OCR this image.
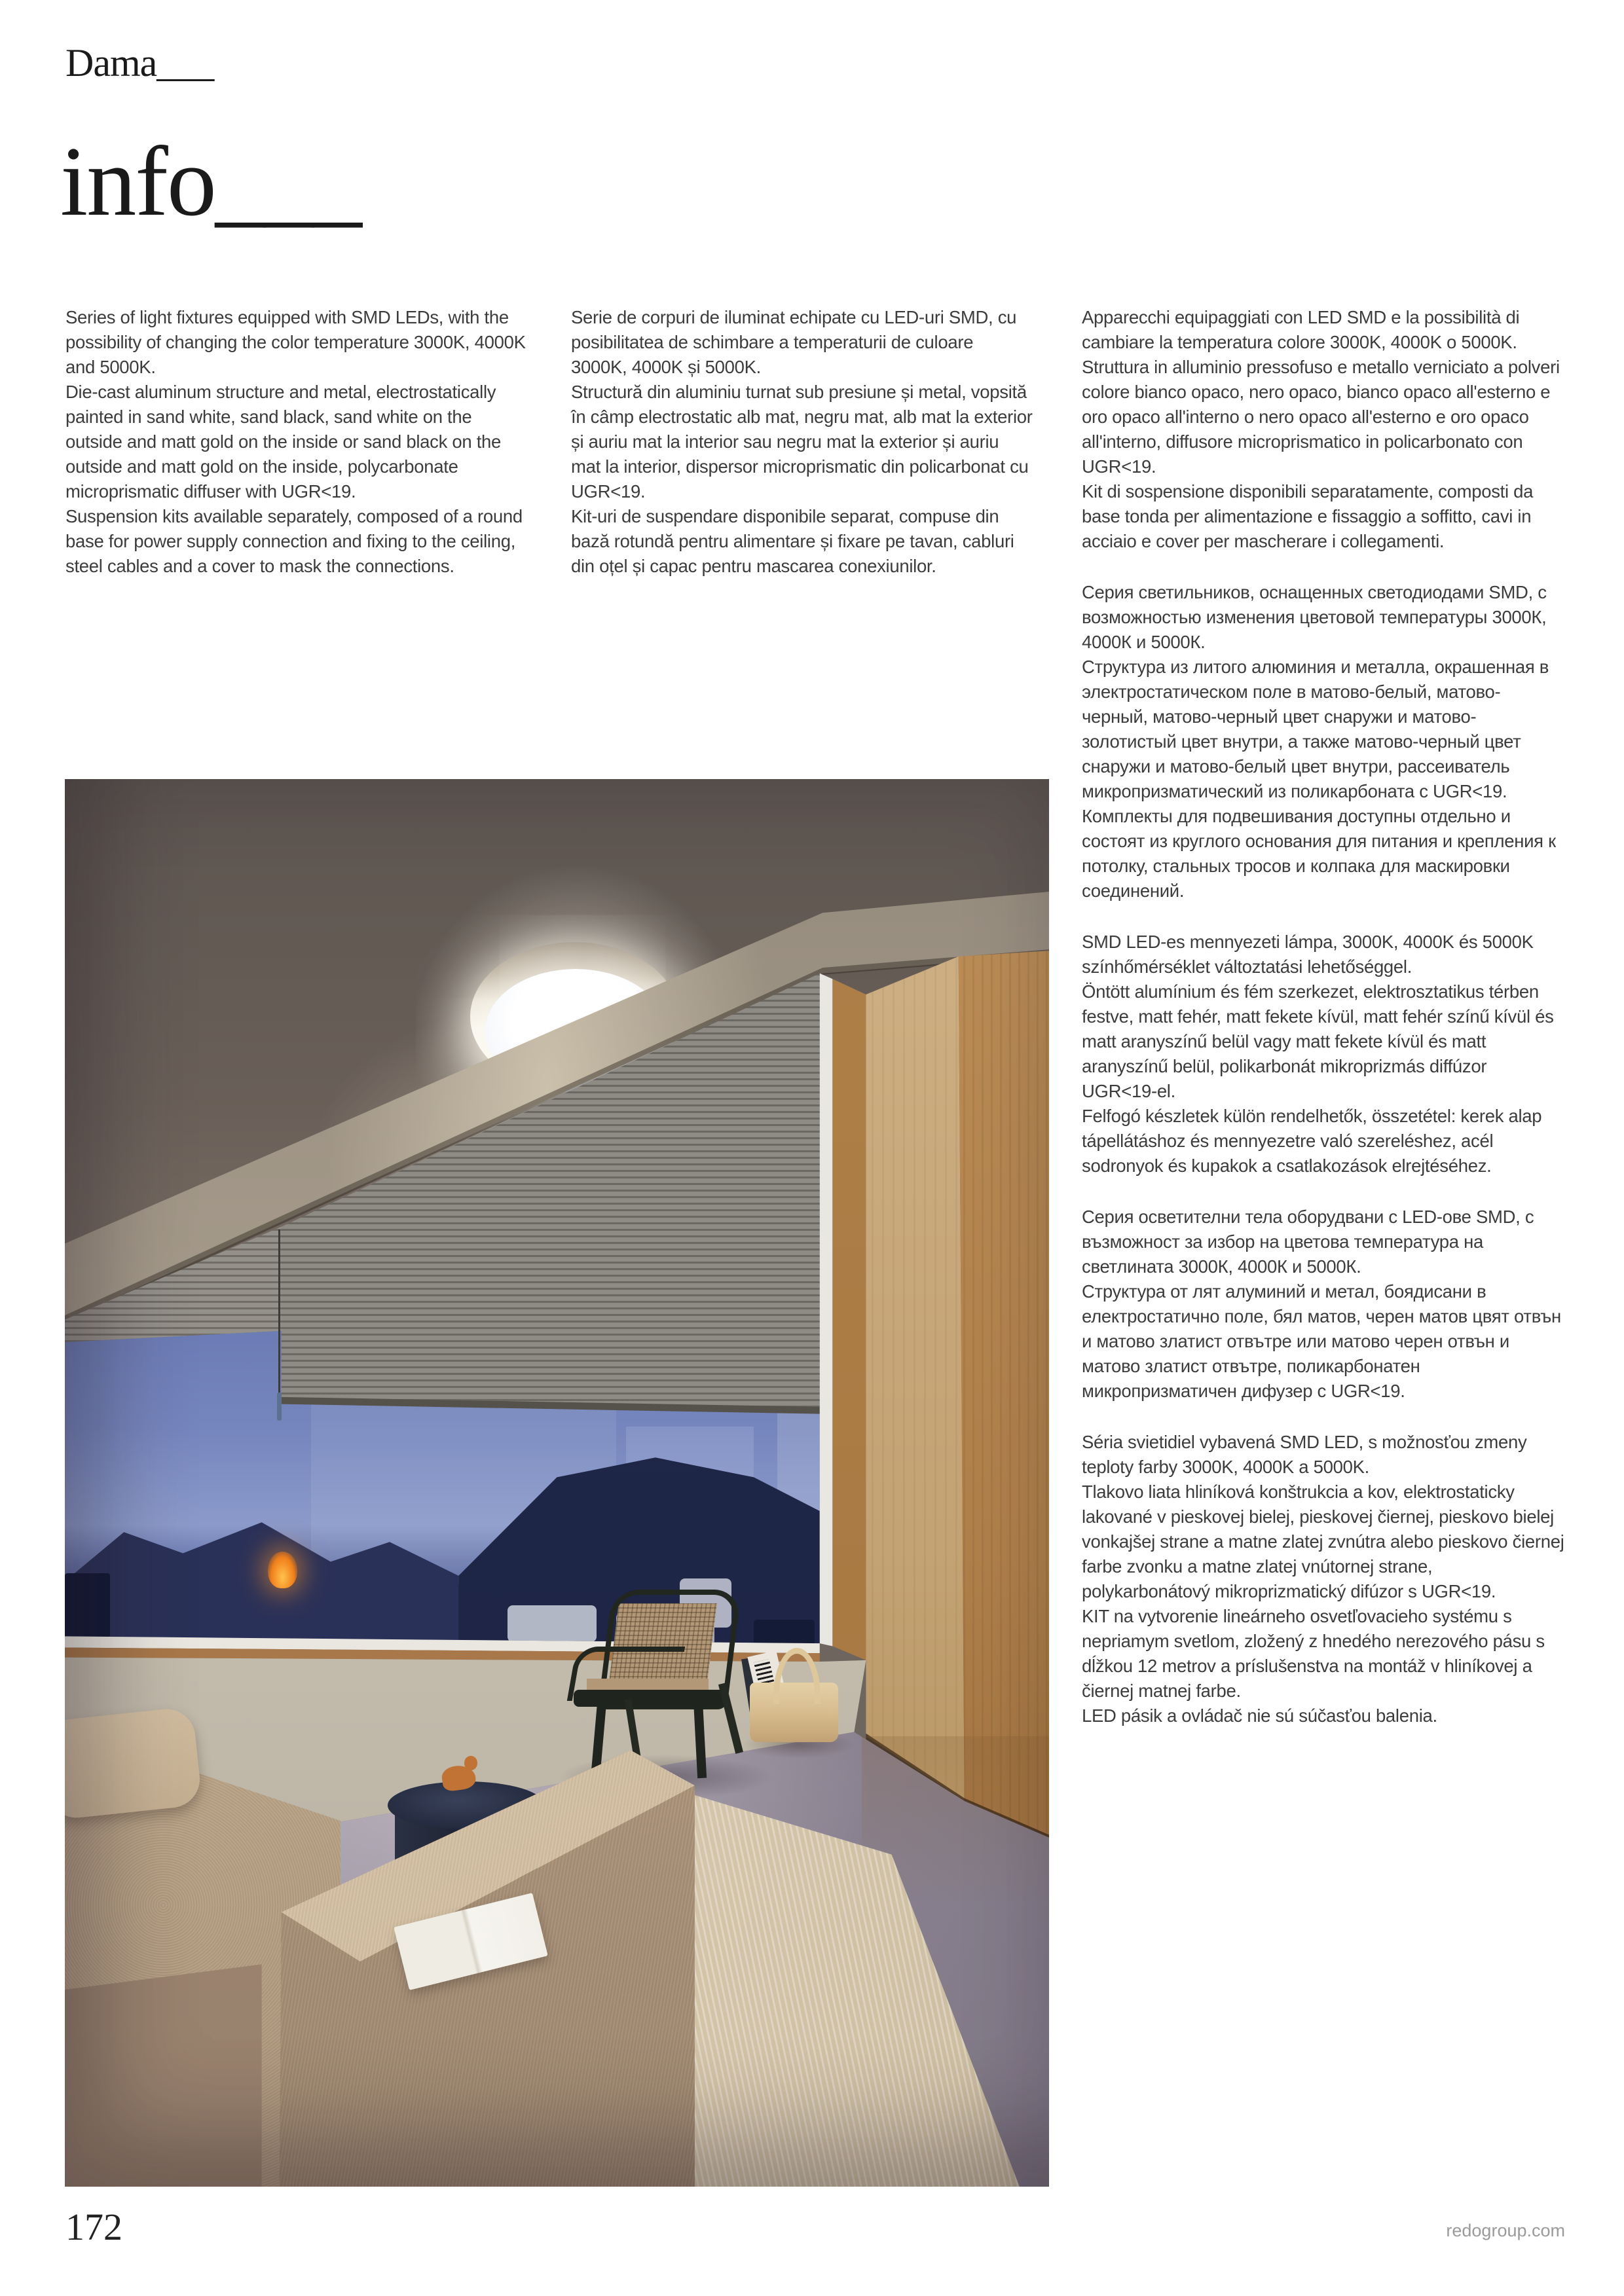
Dama___
info___

Series of light fixtures equipped with SMD LEDs, with the possibility of changing the color temperature 3000K, 4000K and 5000K.

Die-cast aluminum structure and metal, electrostatically painted in sand white, sand black, sand white on the outside and matt gold on the inside or sand black on the outside and matt gold on the inside, polycarbonate microprismatic diffuser with UGR<19.

Suspension kits available separately, composed of a round base for power supply connection and fixing to the ceiling, steel cables and a cover to mask the connections.

Serie de corpuri de iluminat echipate cu LED-uri SMD, cu posibilitatea de schimbare a temperaturii de culoare 3000K, 4000K și 5000K.

Structură din aluminiu turnat sub presiune și metal, vopsită în câmp electrostatic alb mat, negru mat, alb mat la exterior și auriu mat la interior sau negru mat la exterior și auriu mat la interior, dispersor microprismatic din policarbonat cu UGR<19.

Kit-uri de suspendare disponibile separat, compuse din bază rotundă pentru alimentare și fixare pe tavan, cabluri din oțel și capac pentru mascarea conexiunilor.

Apparecchi equipaggiati con LED SMD e la possibilità di cambiare la temperatura colore 3000K, 4000K o 5000K.

Struttura in alluminio pressofuso e metallo verniciato a polveri colore bianco opaco, nero opaco, bianco opaco all'esterno e oro opaco all'interno o nero opaco all'esterno e oro opaco all'interno, diffusore microprismatico in policarbonato con UGR<19.

Kit di sospensione disponibili separatamente, composti da base tonda per alimentazione e fissaggio a soffitto, cavi in acciaio e cover per mascherare i collegamenti.

Серия светильников, оснащенных светодиодами SMD, с возможностью изменения цветовой температуры 3000К, 4000К и 5000К.

Структура из литого алюминия и металла, окрашенная в электростатическом поле в матово-белый, матово-черный, матово-черный цвет снаружи и матово-золотистый цвет внутри, а также матово-черный цвет снаружи и матово-белый цвет внутри, рассеиватель микропризматический из поликарбоната с UGR<19.

Комплекты для подвешивания доступны отдельно и состоят из круглого основания для питания и крепления к потолку, стальных тросов и колпака для маскировки соединений.

SMD LED-es mennyezeti lámpa, 3000K, 4000K és 5000K színhőmérséklet változtatási lehetőséggel.

Öntött alumínium és fém szerkezet, elektrosztatikus térben festve, matt fehér, matt fekete kívül, matt fehér színű kívül és matt aranyszínű belül vagy matt fekete kívül és matt aranyszínű belül, polikarbonát mikroprizmás diffúzor UGR<19-el.

Felfogó készletek külön rendelhetők, összetétel: kerek alap tápellátáshoz és mennyezetre való szereléshez, acél sodronyok és kupakok a csatlakozások elrejtéséhez.

Серия осветителни тела оборудвани с LED-ове SMD, с възможност за избор на цветова температура на светлината 3000К, 4000К и 5000К.

Структура от лят алуминий и метал, боядисани в електростатично поле, бял матов, черен матов цвят отвън и матово златист отвътре или матово черен отвън и матово златист отвътре, поликарбонатен микропризматичен дифузер с UGR<19.

Séria svietidiel vybavená SMD LED, s možnosťou zmeny teploty farby 3000K, 4000K a 5000K.

Tlakovo liata hliníková konštrukcia a kov, elektrostaticky lakované v pieskovej bielej, pieskovej čiernej, pieskovo bielej vonkajšej strane a matne zlatej zvnútra alebo pieskovo čiernej farbe zvonku a matne zlatej vnútornej strane, polykarbonátový mikroprizmatický difúzor s UGR<19.

KIT na vytvorenie lineárneho osvetľovacieho systému s nepriamym svetlom, zložený z hnedého nerezového pásu s dĺžkou 12 metrov a príslušenstva na montáž v hliníkovej a čiernej matnej farbe.

LED pásik a ovládač nie sú súčasťou balenia.

172	redogroup.com
